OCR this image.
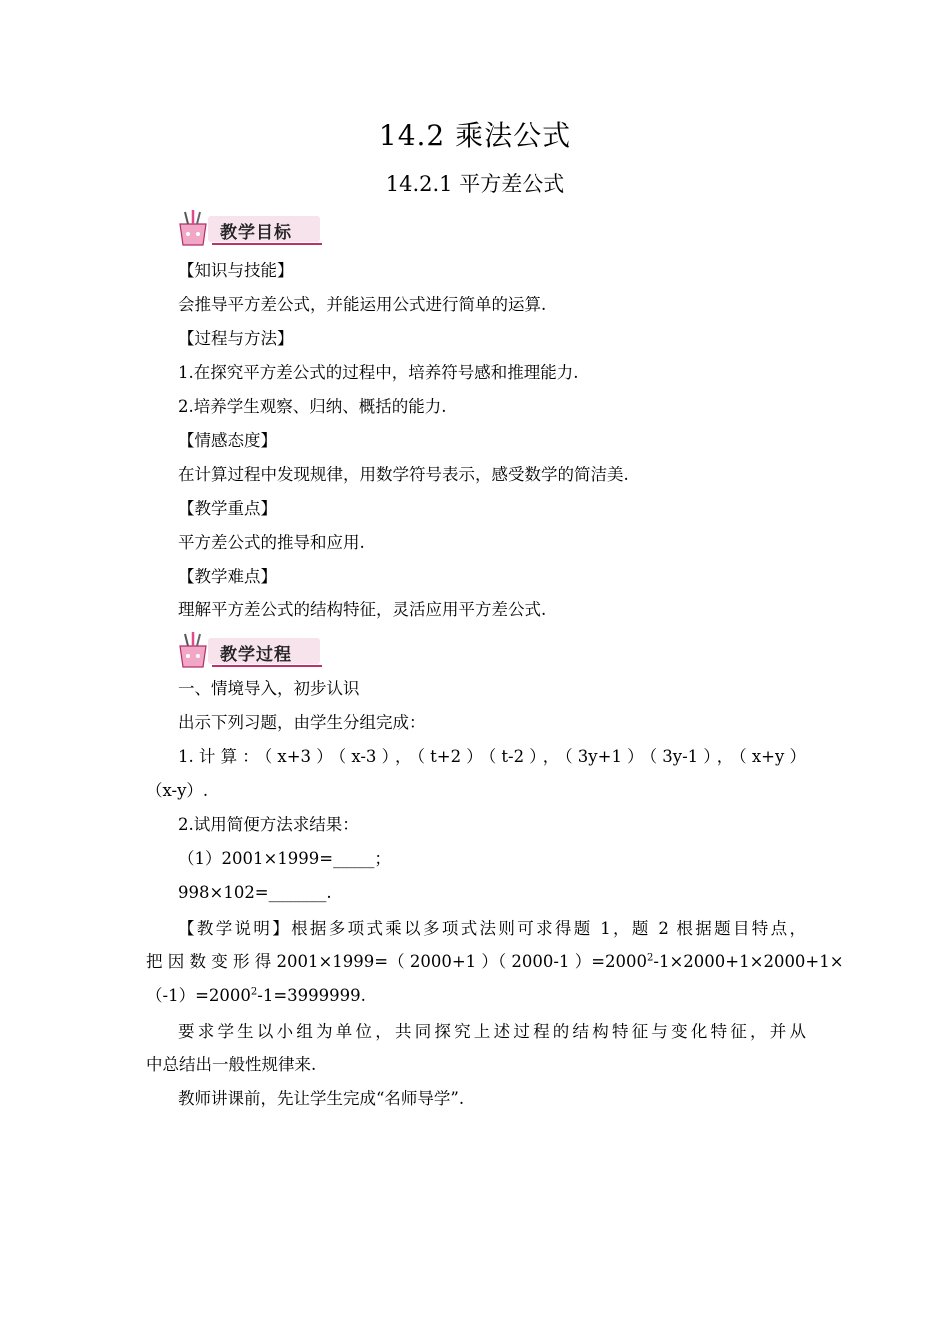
14.2 乘法公式
14.2.1 平方差公式
教学目标
【知识与技能】
会推导平方差公式，并能运用公式进行简单的运算.
【过程与方法】
1.在探究平方差公式的过程中，培养符号感和推理能力.
2.培养学生观察、归纳、概括的能力.
【情感态度】
在计算过程中发现规律，用数学符号表示，感受数学的简洁美.
【教学重点】
平方差公式的推导和应用.
【教学难点】
理解平方差公式的结构特征，灵活应用平方差公式.
教学过程
一、情境导入，初步认识
出示下列习题，由学生分组完成：
1.计算：（x+3）（x-3），（t+2）（t-2），（3y+1）（3y-1），（x+y）
（x-y）.
2.试用简便方法求结果：
（1）2001×1999=_____；
998×102=_______.
【教学说明】根据多项式乘以多项式法则可求得题 1，题 2 根据题目特点，
把 因 数 变 形 得 2001×1999=（ 2000+1 ）（ 2000-1 ）$=2000^2-1\times 2000+1\times 2000+1\times$
$(-1)=2000^2-1=3999999$.
要求学生以小组为单位，共同探究上述过程的结构特征与变化特征，并从
中总结出一般性规律来.
教师讲课前，先让学生完成“名师导学”.
